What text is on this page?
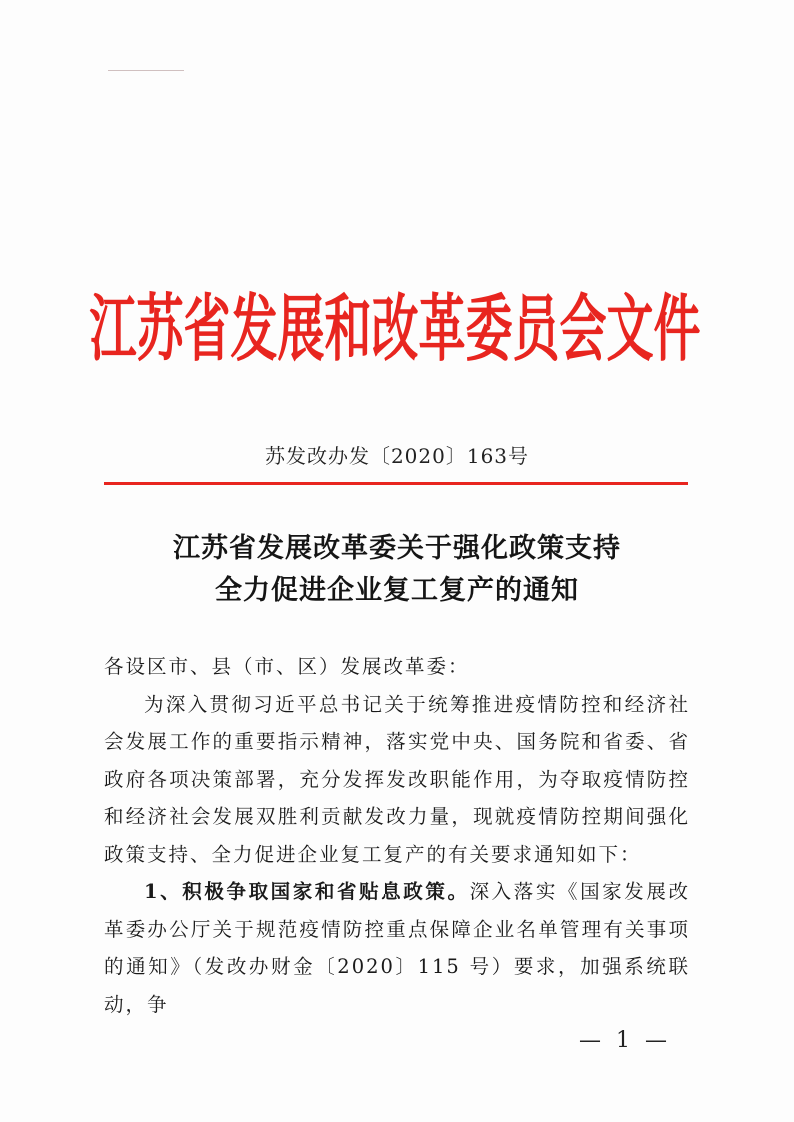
江苏省发展和改革委员会文件
苏发改办发〔2020〕163号
江苏省发展改革委关于强化政策支持
全力促进企业复工复产的通知

各设区市、县（市、区）发展改革委：

为深入贯彻习近平总书记关于统筹推进疫情防控和经济社会发展工作的重要指示精神，落实党中央、国务院和省委、省政府各项决策部署，充分发挥发改职能作用，为夺取疫情防控和经济社会发展双胜利贡献发改力量，现就疫情防控期间强化政策支持、全力促进企业复工复产的有关要求通知如下：

1、积极争取国家和省贴息政策。深入落实《国家发展改革委办公厅关于规范疫情防控重点保障企业名单管理有关事项的通知》（发改办财金〔2020〕115 号）要求，加强系统联动，争

— 1 —
